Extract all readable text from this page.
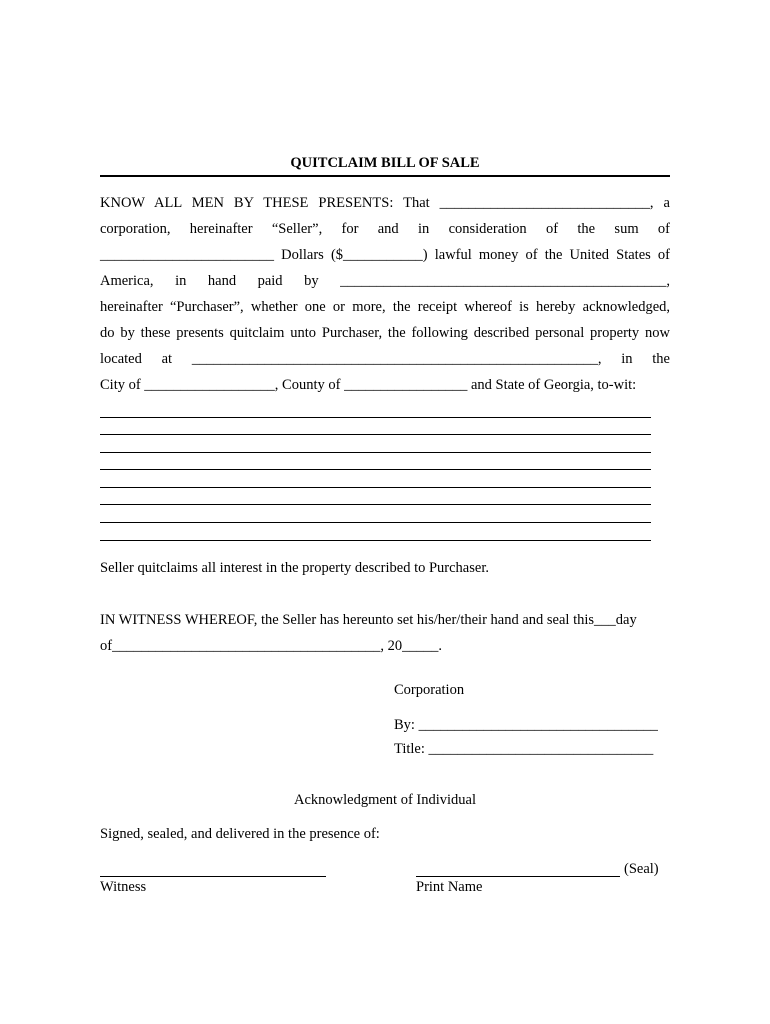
QUITCLAIM BILL OF SALE
KNOW ALL MEN BY THESE PRESENTS: That _____________________________, a
corporation, hereinafter “Seller”, for and in consideration of the sum of
________________________ Dollars ($___________) lawful money of the United States of
America, in hand paid by _____________________________________________,
hereinafter “Purchaser”, whether one or more, the receipt whereof is hereby acknowledged,
do by these presents quitclaim unto Purchaser, the following described personal property now
located at ________________________________________________________, in the
City of __________________, County of _________________ and State of Georgia, to-wit:
Seller quitclaims all interest in the property described to Purchaser.
IN WITNESS WHEREOF, the Seller has hereunto set his/her/their hand and seal this___day
of_____________________________________, 20_____.
Corporation
By: _________________________________
Title: _______________________________
Acknowledgment of Individual
Signed, sealed, and delivered in the presence of:
(Seal)
Witness	Print Name
